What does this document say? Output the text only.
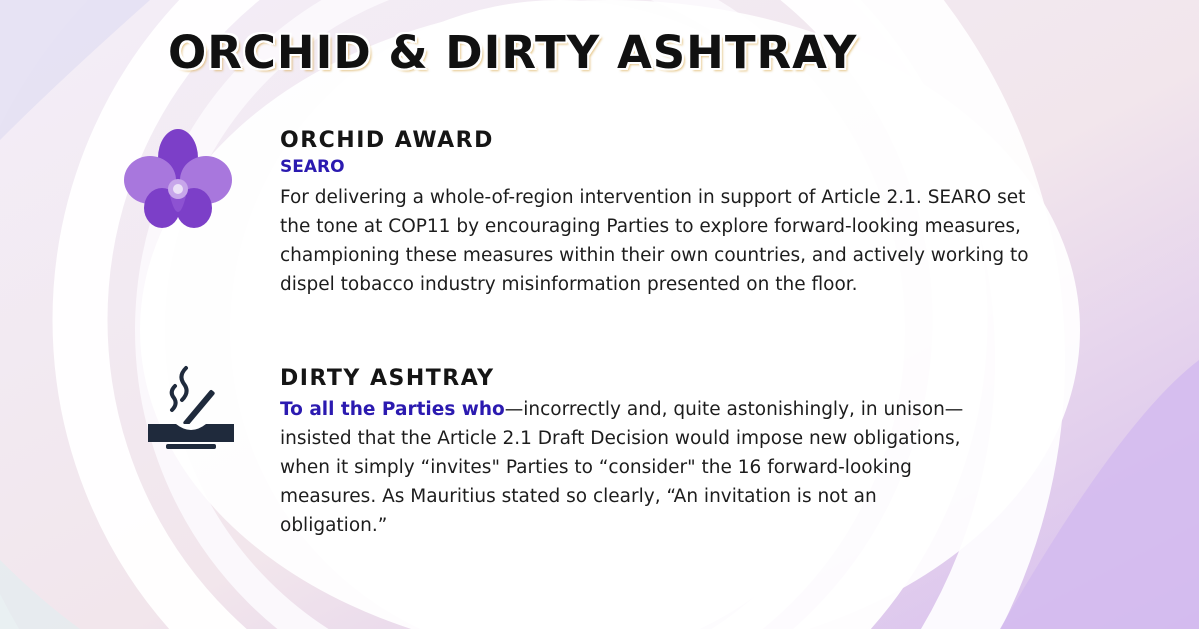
ORCHID & DIRTY ASHTRAY
ORCHID AWARD
SEARO

For delivering a whole-of-region intervention in support of Article 2.1. SEARO set the tone at COP11 by encouraging Parties to explore forward-looking measures, championing these measures within their own countries, and actively working to dispel tobacco industry misinformation presented on the floor.

DIRTY ASHTRAY

To all the Parties who—incorrectly and, quite astonishingly, in unison—insisted that the Article 2.1 Draft Decision would impose new obligations, when it simply “invites" Parties to “consider" the 16 forward-looking measures. As Mauritius stated so clearly, “An invitation is not an obligation.”
